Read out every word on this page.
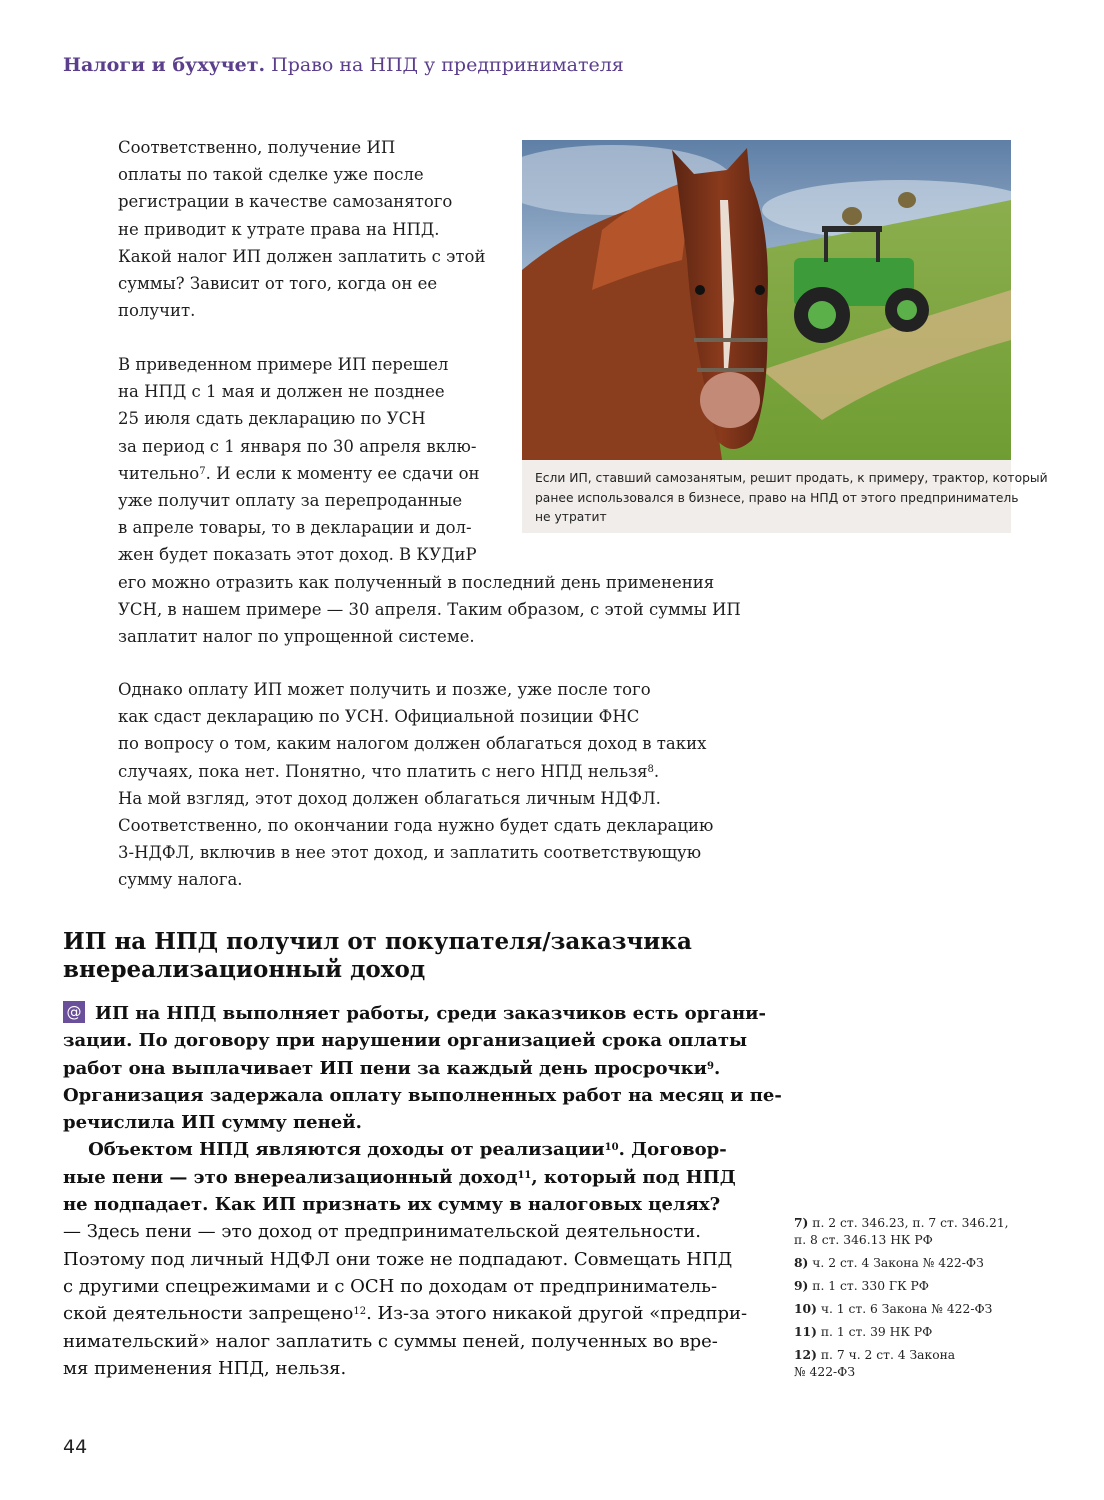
Налоги и бухучет. Право на НПД у предпринимателя
Соответственно, получение ИП
оплаты по такой сделке уже после
регистрации в качестве самозанятого
не приводит к утрате права на НПД.
Какой налог ИП должен заплатить с этой
суммы? Зависит от того, когда он ее
получит.
В приведенном примере ИП перешел
на НПД с 1 мая и должен не позднее
25 июля сдать декларацию по УСН
за период с 1 января по 30 апреля вклю-
чительно$^7$. И если к моменту ее сдачи он
уже получит оплату за перепроданные
в апреле товары, то в декларации и дол-
жен будет показать этот доход. В КУДиР
его можно отразить как полученный в последний день применения
УСН, в нашем примере — 30 апреля. Таким образом, с этой суммы ИП
заплатит налог по упрощенной системе.
Однако оплату ИП может получить и позже, уже после того
как сдаст декларацию по УСН. Официальной позиции ФНС
по вопросу о том, каким налогом должен облагаться доход в таких
случаях, пока нет. Понятно, что платить с него НПД нельзя$^8$.
На мой взгляд, этот доход должен облагаться личным НДФЛ.
Соответственно, по окончании года нужно будет сдать декларацию
3-НДФЛ, включив в нее этот доход, и заплатить соответствующую
сумму налога.
Если ИП, ставший самозанятым, решит продать, к примеру, трактор, который
ранее использовался в бизнесе, право на НПД от этого предприниматель
не утратит
ИП на НПД получил от покупателя/заказчика
внереализационный доход
@ ИП на НПД выполняет работы, среди заказчиков есть органи-
зации. По договору при нарушении организацией срока оплаты
работ она выплачивает ИП пени за каждый день просрочки$^9$.
Организация задержала оплату выполненных работ на месяц и пе-
речислила ИП сумму пеней.
Объектом НПД являются доходы от реализации$^{10}$. Договор-
ные пени — это внереализационный доход$^{11}$, который под НПД
не подпадает. Как ИП признать их сумму в налоговых целях?
— Здесь пени — это доход от предпринимательской деятельности.
Поэтому под личный НДФЛ они тоже не подпадают. Совмещать НПД
с другими спецрежимами и с ОСН по доходам от предприниматель-
ской деятельности запрещено$^{12}$. Из-за этого никакой другой «предпри-
нимательский» налог заплатить с суммы пеней, полученных во вре-
мя применения НПД, нельзя.
7) п. 2 ст. 346.23, п. 7 ст. 346.21,
п. 8 ст. 346.13 НК РФ
8) ч. 2 ст. 4 Закона № 422-ФЗ
9) п. 1 ст. 330 ГК РФ
10) ч. 1 ст. 6 Закона № 422-ФЗ
11) п. 1 ст. 39 НК РФ
12) п. 7 ч. 2 ст. 4 Закона
№ 422-ФЗ
44
